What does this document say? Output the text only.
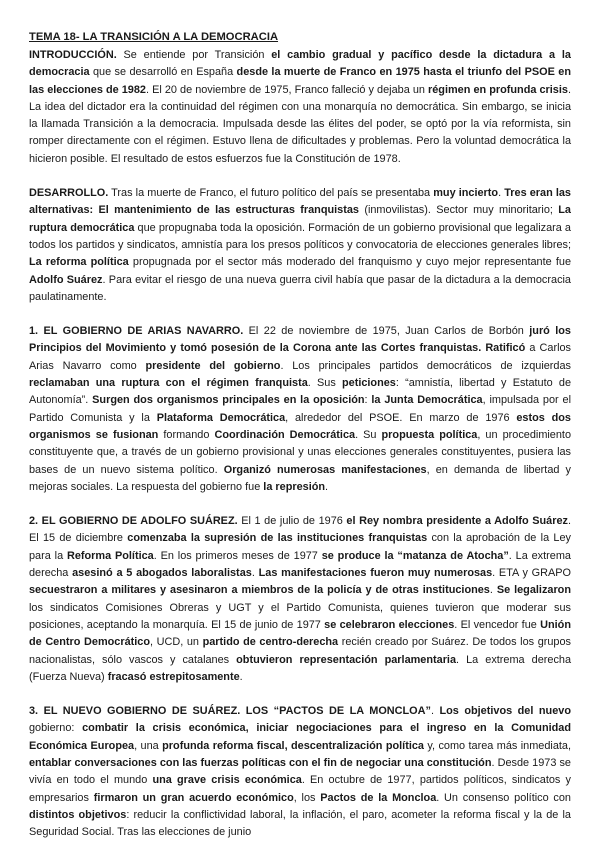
TEMA 18- LA TRANSICIÓN A LA DEMOCRACIA

INTRODUCCIÓN. Se entiende por Transición el cambio gradual y pacífico desde la dictadura a la democracia que se desarrolló en España desde la muerte de Franco en 1975 hasta el triunfo del PSOE en las elecciones de 1982. El 20 de noviembre de 1975, Franco falleció y dejaba un régimen en profunda crisis. La idea del dictador era la continuidad del régimen con una monarquía no democrática. Sin embargo, se inicia la llamada Transición a la democracia. Impulsada desde las élites del poder, se optó por la vía reformista, sin romper directamente con el régimen. Estuvo llena de dificultades y problemas. Pero la voluntad democrática la hicieron posible. El resultado de estos esfuerzos fue la Constitución de 1978.

DESARROLLO. Tras la muerte de Franco, el futuro político del país se presentaba muy incierto. Tres eran las alternativas: El mantenimiento de las estructuras franquistas (inmovilistas). Sector muy minoritario; La ruptura democrática que propugnaba toda la oposición. Formación de un gobierno provisional que legalizara a todos los partidos y sindicatos, amnistía para los presos políticos y convocatoria de elecciones generales libres; La reforma política propugnada por el sector más moderado del franquismo y cuyo mejor representante fue Adolfo Suárez. Para evitar el riesgo de una nueva guerra civil había que pasar de la dictadura a la democracia paulatinamente.

1. EL GOBIERNO DE ARIAS NAVARRO. El 22 de noviembre de 1975, Juan Carlos de Borbón juró los Principios del Movimiento y tomó posesión de la Corona ante las Cortes franquistas. Ratificó a Carlos Arias Navarro como presidente del gobierno. Los principales partidos democráticos de izquierdas reclamaban una ruptura con el régimen franquista. Sus peticiones: “amnistía, libertad y Estatuto de Autonomía”. Surgen dos organismos principales en la oposición: la Junta Democrática, impulsada por el Partido Comunista y la Plataforma Democrática, alrededor del PSOE. En marzo de 1976 estos dos organismos se fusionan formando Coordinación Democrática. Su propuesta política, un procedimiento constituyente que, a través de un gobierno provisional y unas elecciones generales constituyentes, pusiera las bases de un nuevo sistema político. Organizó numerosas manifestaciones, en demanda de libertad y mejoras sociales. La respuesta del gobierno fue la represión.

2. EL GOBIERNO DE ADOLFO SUÁREZ. El 1 de julio de 1976 el Rey nombra presidente a Adolfo Suárez. El 15 de diciembre comenzaba la supresión de las instituciones franquistas con la aprobación de la Ley para la Reforma Política. En los primeros meses de 1977 se produce la “matanza de Atocha”. La extrema derecha asesinó a 5 abogados laboralistas. Las manifestaciones fueron muy numerosas. ETA y GRAPO secuestraron a militares y asesinaron a miembros de la policía y de otras instituciones. Se legalizaron los sindicatos Comisiones Obreras y UGT y el Partido Comunista, quienes tuvieron que moderar sus posiciones, aceptando la monarquía. El 15 de junio de 1977 se celebraron elecciones. El vencedor fue Unión de Centro Democrático, UCD, un partido de centro-derecha recién creado por Suárez. De todos los grupos nacionalistas, sólo vascos y catalanes obtuvieron representación parlamentaria. La extrema derecha (Fuerza Nueva) fracasó estrepitosamente.

3. EL NUEVO GOBIERNO DE SUÁREZ. LOS “PACTOS DE LA MONCLOA”. Los objetivos del nuevo gobierno: combatir la crisis económica, iniciar negociaciones para el ingreso en la Comunidad Económica Europea, una profunda reforma fiscal, descentralización política y, como tarea más inmediata, entablar conversaciones con las fuerzas políticas con el fin de negociar una constitución. Desde 1973 se vivía en todo el mundo una grave crisis económica. En octubre de 1977, partidos políticos, sindicatos y empresarios firmaron un gran acuerdo económico, los Pactos de la Moncloa. Un consenso político con distintos objetivos: reducir la conflictividad laboral, la inflación, el paro, acometer la reforma fiscal y la de la Seguridad Social. Tras las elecciones de junio
